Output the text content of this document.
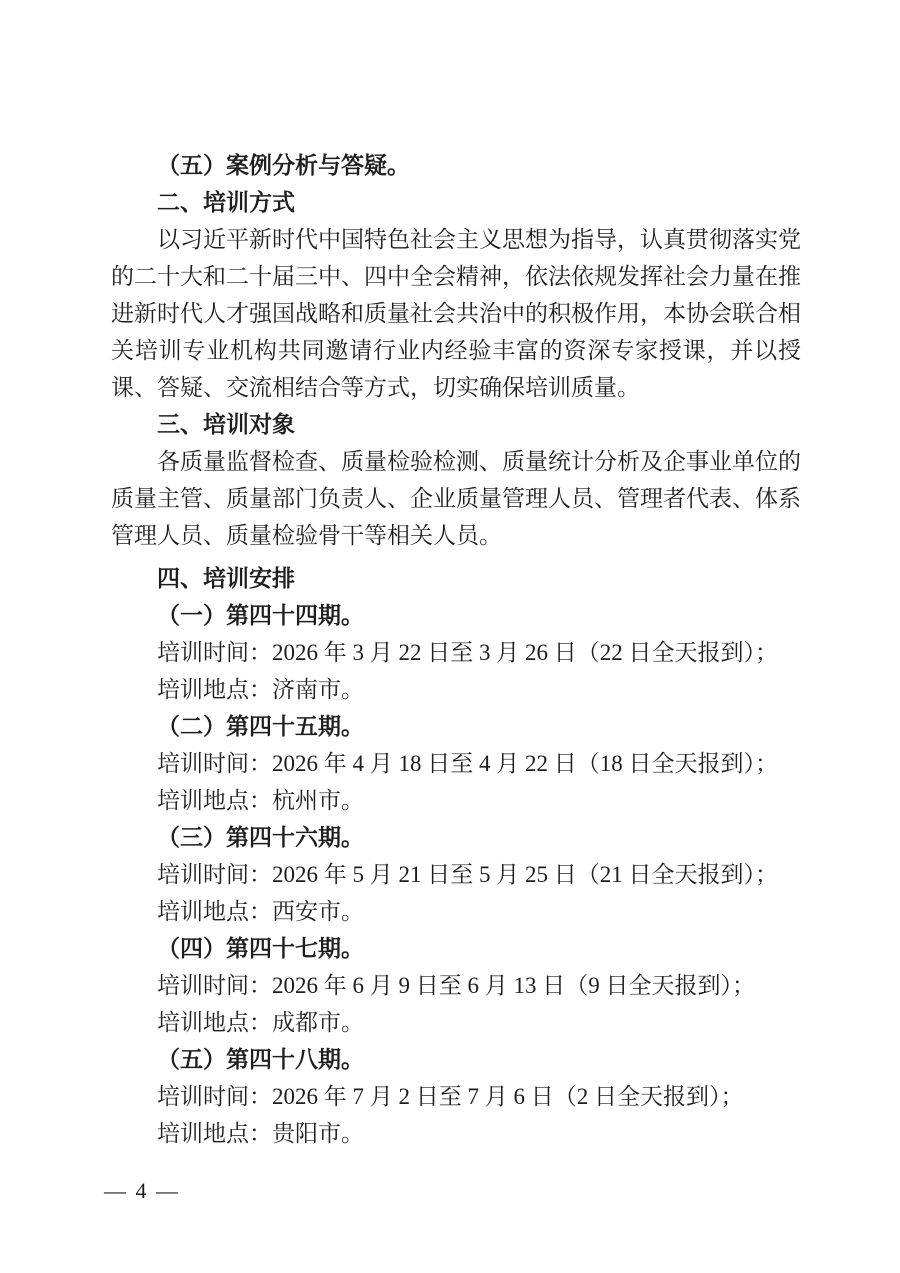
（五）案例分析与答疑。
二、培训方式
以习近平新时代中国特色社会主义思想为指导，认真贯彻落实党的二十大和二十届三中、四中全会精神，依法依规发挥社会力量在推进新时代人才强国战略和质量社会共治中的积极作用，本协会联合相关培训专业机构共同邀请行业内经验丰富的资深专家授课，并以授课、答疑、交流相结合等方式，切实确保培训质量。
三、培训对象
各质量监督检查、质量检验检测、质量统计分析及企事业单位的质量主管、质量部门负责人、企业质量管理人员、管理者代表、体系管理人员、质量检验骨干等相关人员。
四、培训安排
（一）第四十四期。
培训时间：2026 年 3 月 22 日至 3 月 26 日（22 日全天报到）；
培训地点：济南市。
（二）第四十五期。
培训时间：2026 年 4 月 18 日至 4 月 22 日（18 日全天报到）；
培训地点：杭州市。
（三）第四十六期。
培训时间：2026 年 5 月 21 日至 5 月 25 日（21 日全天报到）；
培训地点：西安市。
（四）第四十七期。
培训时间：2026 年 6 月 9 日至 6 月 13 日（9 日全天报到）；
培训地点：成都市。
（五）第四十八期。
培训时间：2026 年 7 月 2 日至 7 月 6 日（2 日全天报到）；
培训地点：贵阳市。
— 4 —
